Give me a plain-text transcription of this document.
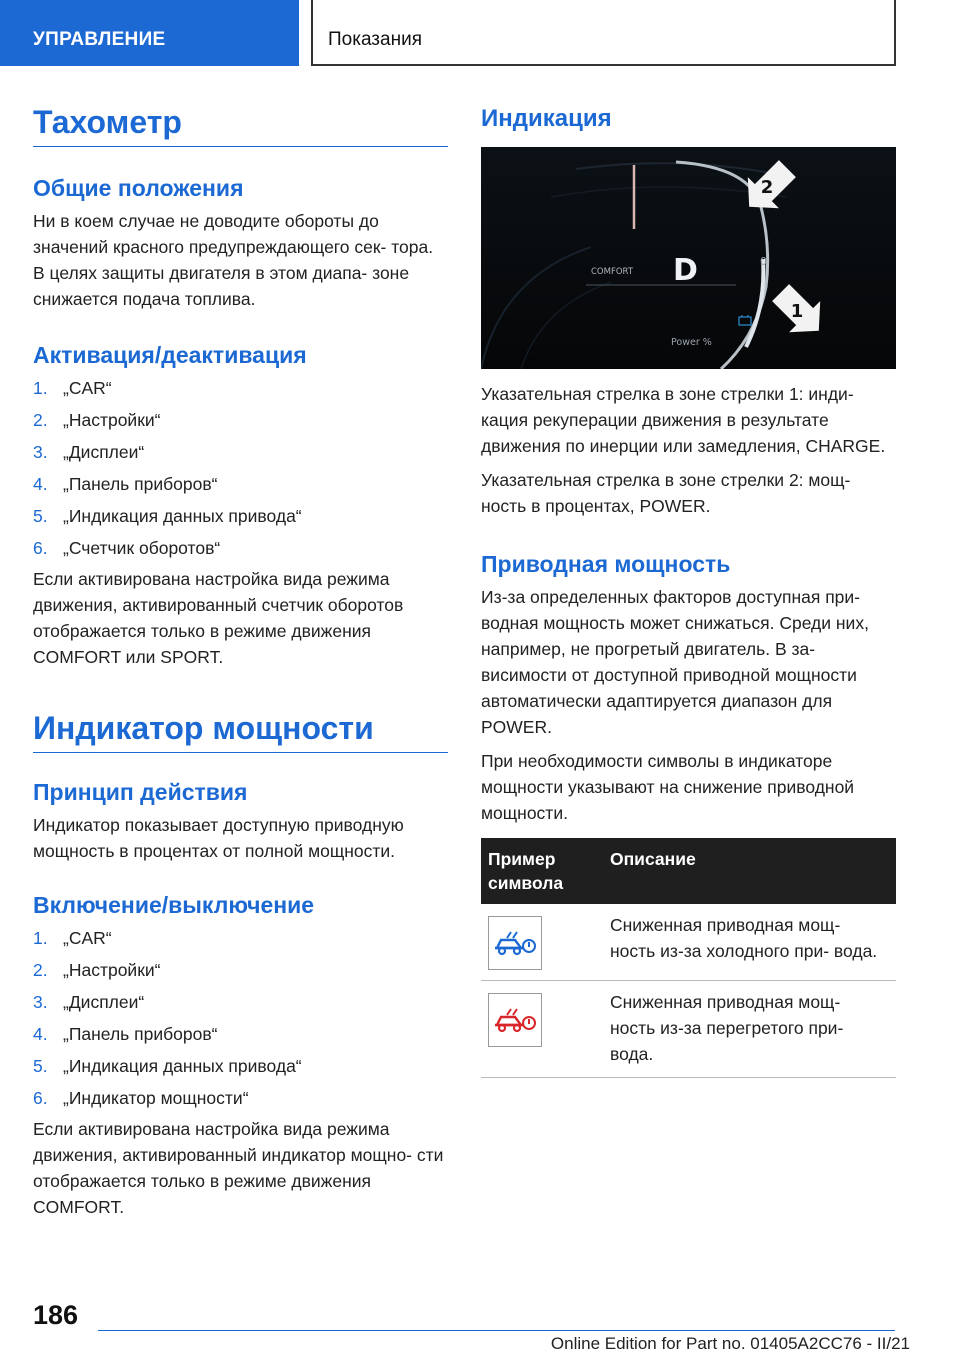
УПРАВЛЕНИЕ	Показания
Тахометр
Общие положения

Ни в коем случае не доводите обороты до значений красного предупреждающего сек- тора. В целях защиты двигателя в этом диапа- зоне снижается подача топлива.

Активация/деактивация
1. „CAR“
2. „Настройки“
3. „Дисплеи“
4. „Панель приборов“
5. „Индикация данных привода“
6. „Счетчик оборотов“

Если активирована настройка вида режима движения, активированный счетчик оборотов отображается только в режиме движения COMFORT или SPORT.

Индикатор мощности
Принцип действия

Индикатор показывает доступную приводную мощность в процентах от полной мощности.

Включение/выключение
1. „CAR“
2. „Настройки“
3. „Дисплеи“
4. „Панель приборов“
5. „Индикация данных привода“
6. „Индикатор мощности“

Если активирована настройка вида режима движения, активированный индикатор мощно- сти отображается только в режиме движения COMFORT.

Индикация
COMFORT D	0
Power %
2
1

Указательная стрелка в зоне стрелки 1: инди- кация рекуперации движения в результате движения по инерции или замедления, CHARGE.

Указательная стрелка в зоне стрелки 2: мощ- ность в процентах, POWER.

Приводная мощность

Из-за определенных факторов доступная при- водная мощность может снижаться. Среди них, например, не прогретый двигатель. В за- висимости от доступной приводной мощности автоматически адаптируется диапазон для POWER.

При необходимости символы в индикаторе мощности указывают на снижение приводной мощности.

Пример символа	Описание

	Сниженная приводная мощ- ность из-за холодного при- вода.

	Сниженная приводная мощ- ность из-за перегретого при- вода.
186
Online Edition for Part no. 01405A2CC76 - II/21
